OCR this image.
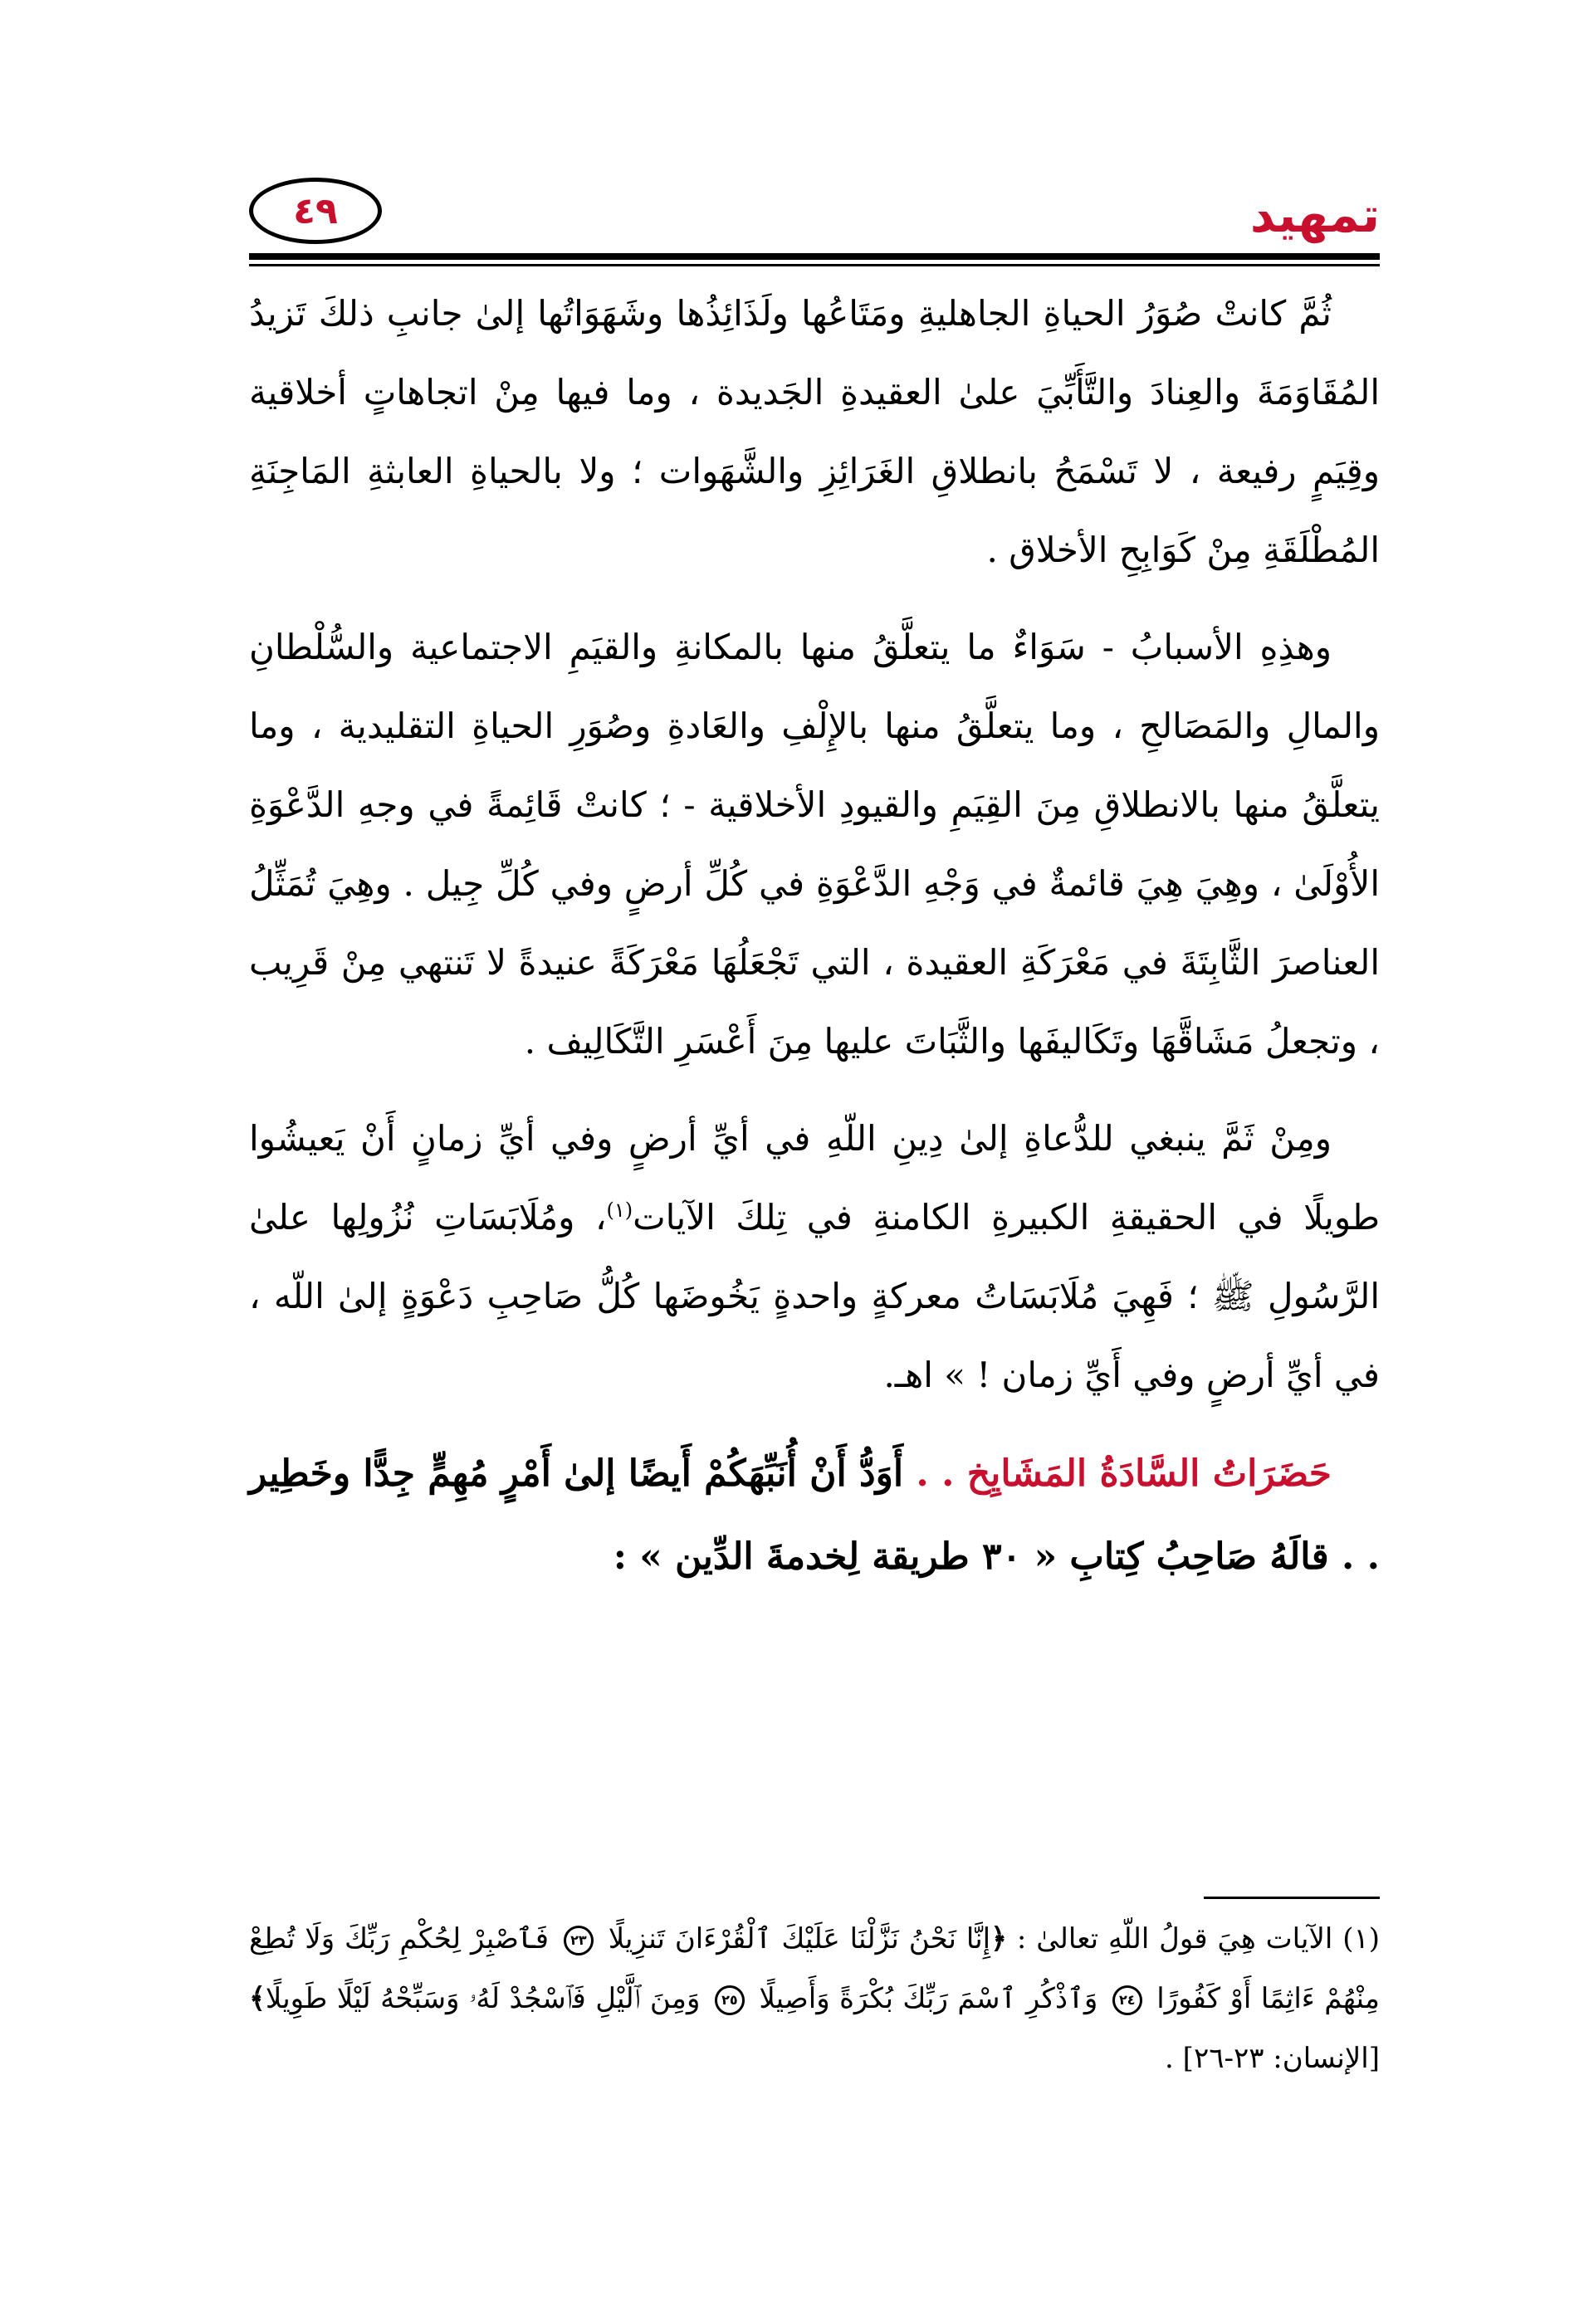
تمهيد
٤٩

ثُمَّ كانتْ صُوَرُ الحياةِ الجاهليةِ ومَتَاعُها ولَذَائِذُها وشَهَوَاتُها إلىٰ جانبِ ذلكَ تَزيدُ المُقَاوَمَةَ والعِنادَ والتَّأَبِّيَ علىٰ العقيدةِ الجَديدة ، وما فيها مِنْ اتجاهاتٍ أخلاقية وقِيَمٍ رفيعة ، لا تَسْمَحُ بانطلاقِ الغَرَائِزِ والشَّهَوات ؛ ولا بالحياةِ العابثةِ المَاجِنَةِ المُطْلَقَةِ مِنْ كَوَابِحِ الأخلاق .

وهذِهِ الأسبابُ - سَوَاءٌ ما يتعلَّقُ منها بالمكانةِ والقيَمِ الاجتماعية والسُّلْطانِ والمالِ والمَصَالحِ ، وما يتعلَّقُ منها بالإِلْفِ والعَادةِ وصُوَرِ الحياةِ التقليدية ، وما يتعلَّقُ منها بالانطلاقِ مِنَ القِيَمِ والقيودِ الأخلاقية - ؛ كانتْ قَائِمةً في وجهِ الدَّعْوَةِ الأُوْلَىٰ ، وهِيَ هِيَ قائمةٌ في وَجْهِ الدَّعْوَةِ في كُلِّ أرضٍ وفي كُلِّ جِيل . وهِيَ تُمَثِّلُ العناصرَ الثَّابِتَةَ في مَعْرَكَةِ العقيدة ، التي تَجْعَلُهَا مَعْرَكَةً عنيدةً لا تَنتهي مِنْ قَرِيب ، وتجعلُ مَشَاقَّهَا وتَكَاليفَها والثَّبَاتَ عليها مِنَ أَعْسَرِ التَّكَالِيف .

ومِنْ ثَمَّ ينبغي للدُّعاةِ إلىٰ دِينِ اللّهِ في أيِّ أرضٍ وفي أيِّ زمانٍ أَنْ يَعيشُوا طويلًا في الحقيقةِ الكبيرةِ الكامنةِ في تِلكَ الآيات$^{(١)}$، ومُلَابَسَاتِ نُزُولِها علىٰ الرَّسُولِ ﷺ ؛ فَهِيَ مُلَابَسَاتُ معركةٍ واحدةٍ يَخُوضَها كُلُّ صَاحِبِ دَعْوَةٍ إلىٰ اللّه ، في أيِّ أرضٍ وفي أَيِّ زمان ! » اهـ.

حَضَرَاتُ السَّادَةُ المَشَايِخ . . أَوَدُّ أَنْ أُنَبِّهَكُمْ أَيضًا إلىٰ أَمْرٍ مُهِمٍّ جِدًّا وخَطِير . . قالَهُ صَاحِبُ كِتابِ « ٣٠ طريقة لِخدمةَ الدِّين » :

(١) الآيات هِيَ قولُ اللّهِ تعالىٰ : ﴿إِنَّا نَحْنُ نَزَّلْنَا عَلَيْكَ ٱلْقُرْءَانَ تَنزِيلًا ٢٣ فَٱصْبِرْ لِحُكْمِ رَبِّكَ وَلَا تُطِعْ مِنْهُمْ ءَاثِمًا أَوْ كَفُورًا ٢٤ وَٱذْكُرِ ٱسْمَ رَبِّكَ بُكْرَةً وَأَصِيلًا ٢٥ وَمِنَ ٱلَّيْلِ فَٱسْجُدْ لَهُۥ وَسَبِّحْهُ لَيْلًا طَوِيلًا﴾ [الإنسان: ٢٣-٢٦] .
